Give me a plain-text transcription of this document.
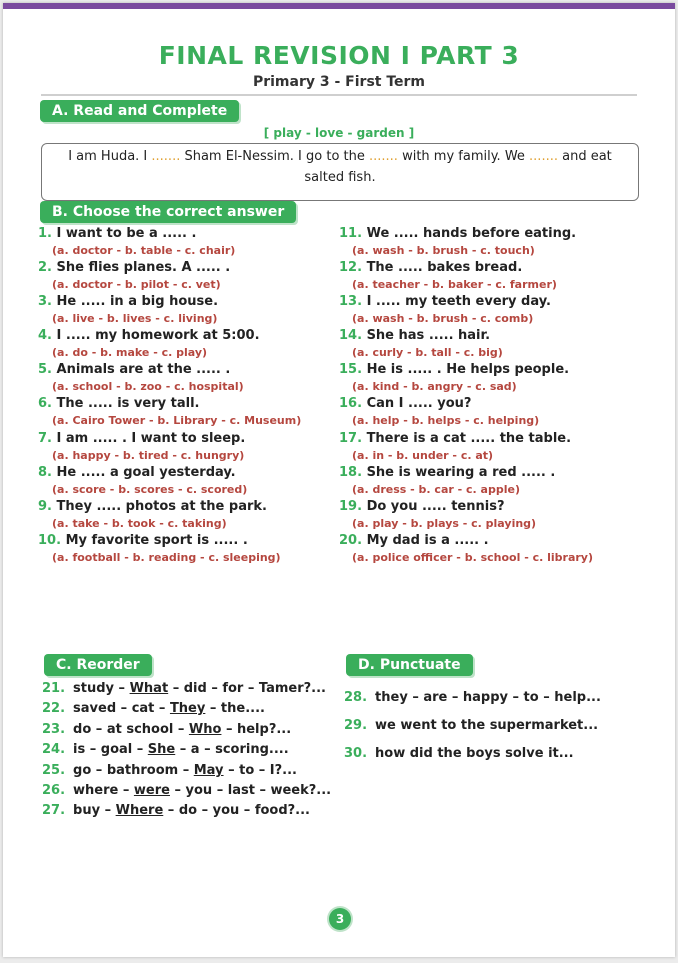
FINAL REVISION I PART 3
Primary 3 - First Term
A. Read and Complete
[ play - love - garden ]
I am Huda. I ....... Sham El-Nessim. I go to the ....... with my family. We ....... and eat salted fish.
B. Choose the correct answer
1. I want to be a ..... .
(a. doctor - b. table - c. chair)
2. She flies planes. A ..... .
(a. doctor - b. pilot - c. vet)
3. He ..... in a big house.
(a. live - b. lives - c. living)
4. I ..... my homework at 5:00.
(a. do - b. make - c. play)
5. Animals are at the ..... .
(a. school - b. zoo - c. hospital)
6. The ..... is very tall.
(a. Cairo Tower - b. Library - c. Museum)
7. I am ..... . I want to sleep.
(a. happy - b. tired - c. hungry)
8. He ..... a goal yesterday.
(a. score - b. scores - c. scored)
9. They ..... photos at the park.
(a. take - b. took - c. taking)
10. My favorite sport is ..... .
(a. football - b. reading - c. sleeping)
11. We ..... hands before eating.
(a. wash - b. brush - c. touch)
12. The ..... bakes bread.
(a. teacher - b. baker - c. farmer)
13. I ..... my teeth every day.
(a. wash - b. brush - c. comb)
14. She has ..... hair.
(a. curly - b. tall - c. big)
15. He is ..... . He helps people.
(a. kind - b. angry - c. sad)
16. Can I ..... you?
(a. help - b. helps - c. helping)
17. There is a cat ..... the table.
(a. in - b. under - c. at)
18. She is wearing a red ..... .
(a. dress - b. car - c. apple)
19. Do you ..... tennis?
(a. play - b. plays - c. playing)
20. My dad is a ..... .
(a. police officer - b. school - c. library)
C. Reorder
21. study – What – did – for – Tamer?...
22. saved – cat – They – the....
23. do – at school – Who – help?...
24. is – goal – She – a – scoring....
25. go – bathroom – May – to – I?...
26. where – were – you – last – week?...
27. buy – Where – do – you – food?...
D. Punctuate
28. they – are – happy – to – help...
29. we went to the supermarket...
30. how did the boys solve it...
3
